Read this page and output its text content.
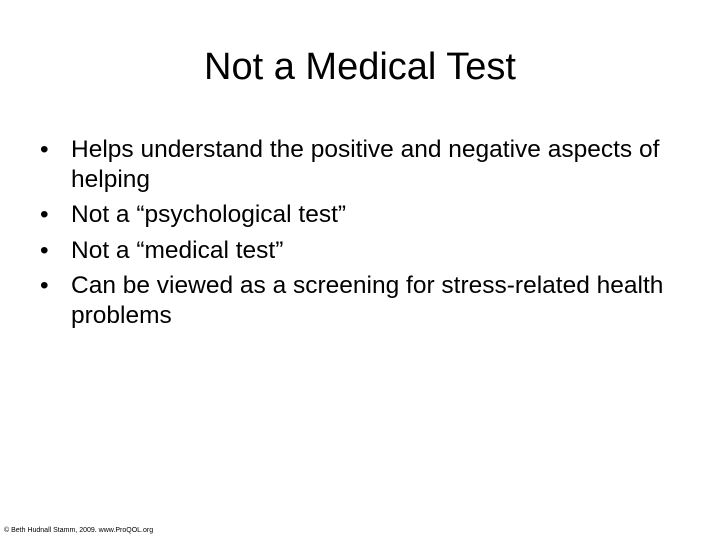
Not a Medical Test
• Helps understand the positive and negative aspects of helping
• Not a “psychological test”
• Not a “medical test”
• Can be viewed as a screening for stress-related health problems
© Beth Hudnall Stamm, 2009. www.ProQOL.org
